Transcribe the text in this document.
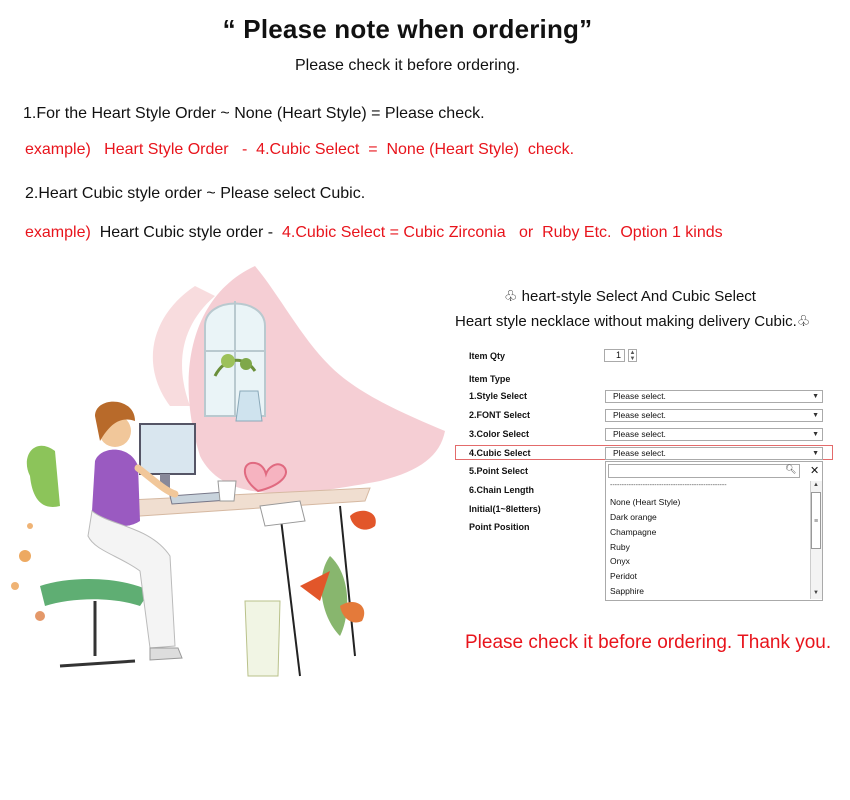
“ Please note when ordering”
Please check it before ordering.
1.For the Heart Style Order ~ None (Heart Style) = Please check.
example)   Heart Style Order   -  4.Cubic Select  =  None (Heart Style)  check.
2.Heart Cubic style order ~ Please select Cubic.
example)  Heart Cubic style order -  4.Cubic Select = Cubic Zirconia   or  Ruby Etc.  Option 1 kinds
♧ heart-style Select And Cubic Select
Heart style necklace without making delivery Cubic.♧
Item Qty	1	▲
▼
Item Type
1.Style Select	Please select.	▼
2.FONT Select	Please select.	▼
3.Color Select	Please select.	▼
4.Cubic Select	Please select.	▼
5.Point Select
6.Chain Length
Initial(1~8letters)
Point Position
🔍︎ ✕
--------------------------------------------------
None (Heart Style)
Dark orange
Champagne
Ruby
Onyx
Peridot
Sapphire
▲
≡
▼
Please check it before ordering. Thank you.
